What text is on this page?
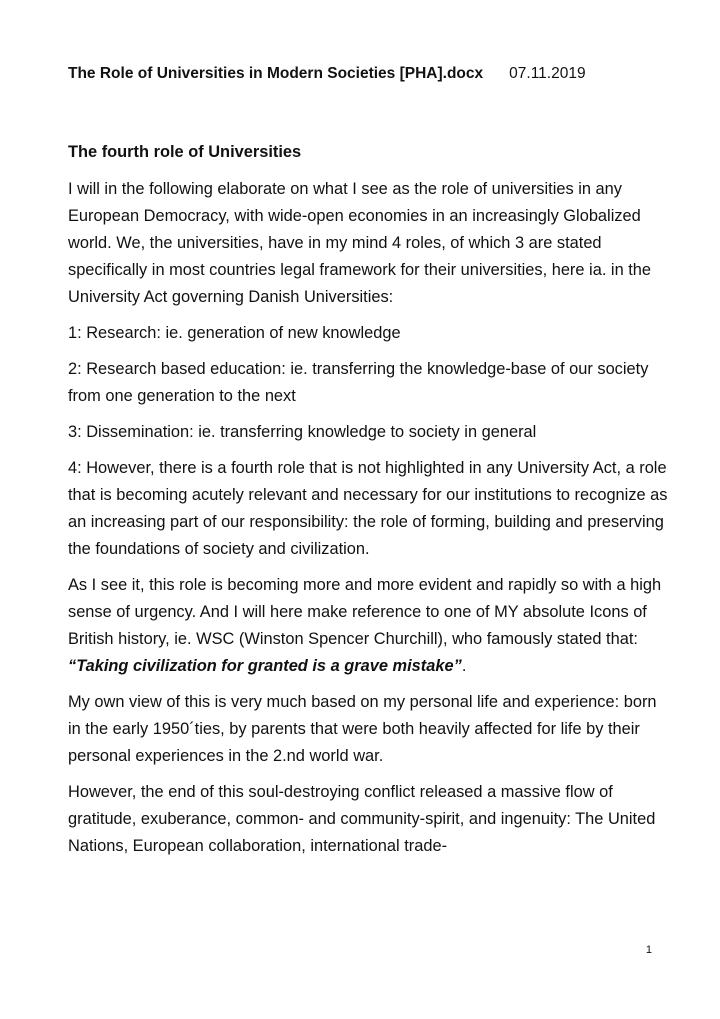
The Role of Universities in Modern Societies [PHA].docx 07.11.2019
The fourth role of Universities

I will in the following elaborate on what I see as the role of universities in any European Democracy, with wide-open economies in an increasingly Globalized world. We, the universities, have in my mind 4 roles, of which 3 are stated specifically in most countries legal framework for their universities, here ia. in the University Act governing Danish Universities:

1: Research: ie. generation of new knowledge

2: Research based education: ie. transferring the knowledge-base of our society from one generation to the next

3: Dissemination: ie. transferring knowledge to society in general

4: However, there is a fourth role that is not highlighted in any University Act, a role that is becoming acutely relevant and necessary for our institutions to recognize as an increasing part of our responsibility: the role of forming, building and preserving the foundations of society and civilization.

As I see it, this role is becoming more and more evident and rapidly so with a high sense of urgency. And I will here make reference to one of MY absolute Icons of British history, ie. WSC (Winston Spencer Churchill), who famously stated that: “Taking civilization for granted is a grave mistake”.

My own view of this is very much based on my personal life and experience: born in the early 1950´ties, by parents that were both heavily affected for life by their personal experiences in the 2.nd world war.

However, the end of this soul-destroying conflict released a massive flow of gratitude, exuberance, common- and community-spirit, and ingenuity: The United Nations, European collaboration, international trade-

1
